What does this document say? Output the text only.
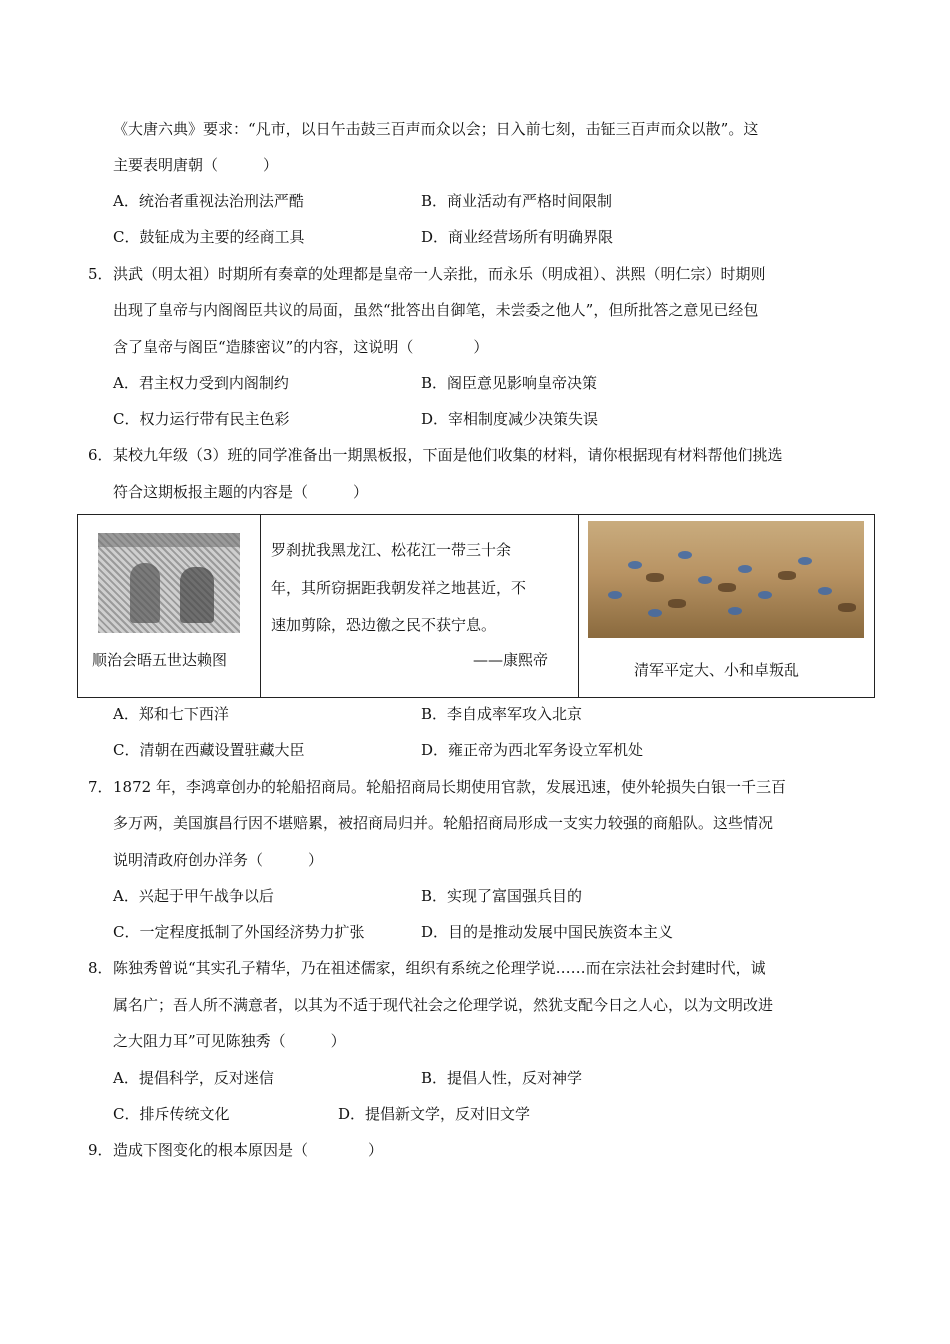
《大唐六典》要求：“凡市，以日午击鼓三百声而众以会；日入前七刻，击钲三百声而众以散”。这
主要表明唐朝（　　　）
A．统治者重视法治刑法严酷	B．商业活动有严格时间限制
C．鼓钲成为主要的经商工具	D．商业经营场所有明确界限
5． 洪武（明太祖）时期所有奏章的处理都是皇帝一人亲批，而永乐（明成祖）、洪熙（明仁宗）时期则
出现了皇帝与内阁阁臣共议的局面，虽然“批答出自御笔，未尝委之他人”，但所批答之意见已经包
含了皇帝与阁臣“造膝密议”的内容，这说明（　　　　）
A．君主权力受到内阁制约	B．阁臣意见影响皇帝决策
C．权力运行带有民主色彩	D．宰相制度减少决策失误
6． 某校九年级（3）班的同学准备出一期黑板报，下面是他们收集的材料，请你根据现有材料帮他们挑选
符合这期板报主题的内容是（　　　）
顺治会晤五世达赖图

罗刹扰我黑龙江、松花江一带三十余
年，其所窃据距我朝发祥之地甚近，不
速加剪除，恐边徼之民不获宁息。
——康熙帝

清军平定大、小和卓叛乱
A．郑和七下西洋	B．李自成率军攻入北京
C．清朝在西藏设置驻藏大臣	D．雍正帝为西北军务设立军机处
7． 1872 年，李鸿章创办的轮船招商局。轮船招商局长期使用官款，发展迅速，使外轮损失白银一千三百
多万两，美国旗昌行因不堪赔累，被招商局归并。轮船招商局形成一支实力较强的商船队。这些情况
说明清政府创办洋务（　　　）
A．兴起于甲午战争以后	B．实现了富国强兵目的
C．一定程度抵制了外国经济势力扩张	D．目的是推动发展中国民族资本主义
8． 陈独秀曾说“其实孔子精华，乃在祖述儒家，组织有系统之伦理学说……而在宗法社会封建时代，诚
属名广；吾人所不满意者，以其为不适于现代社会之伦理学说，然犹支配今日之人心，以为文明改进
之大阻力耳”可见陈独秀（　　　）
A．提倡科学，反对迷信	B．提倡人性，反对神学
C．排斥传统文化	D．提倡新文学，反对旧文学
9． 造成下图变化的根本原因是（　　　　）
